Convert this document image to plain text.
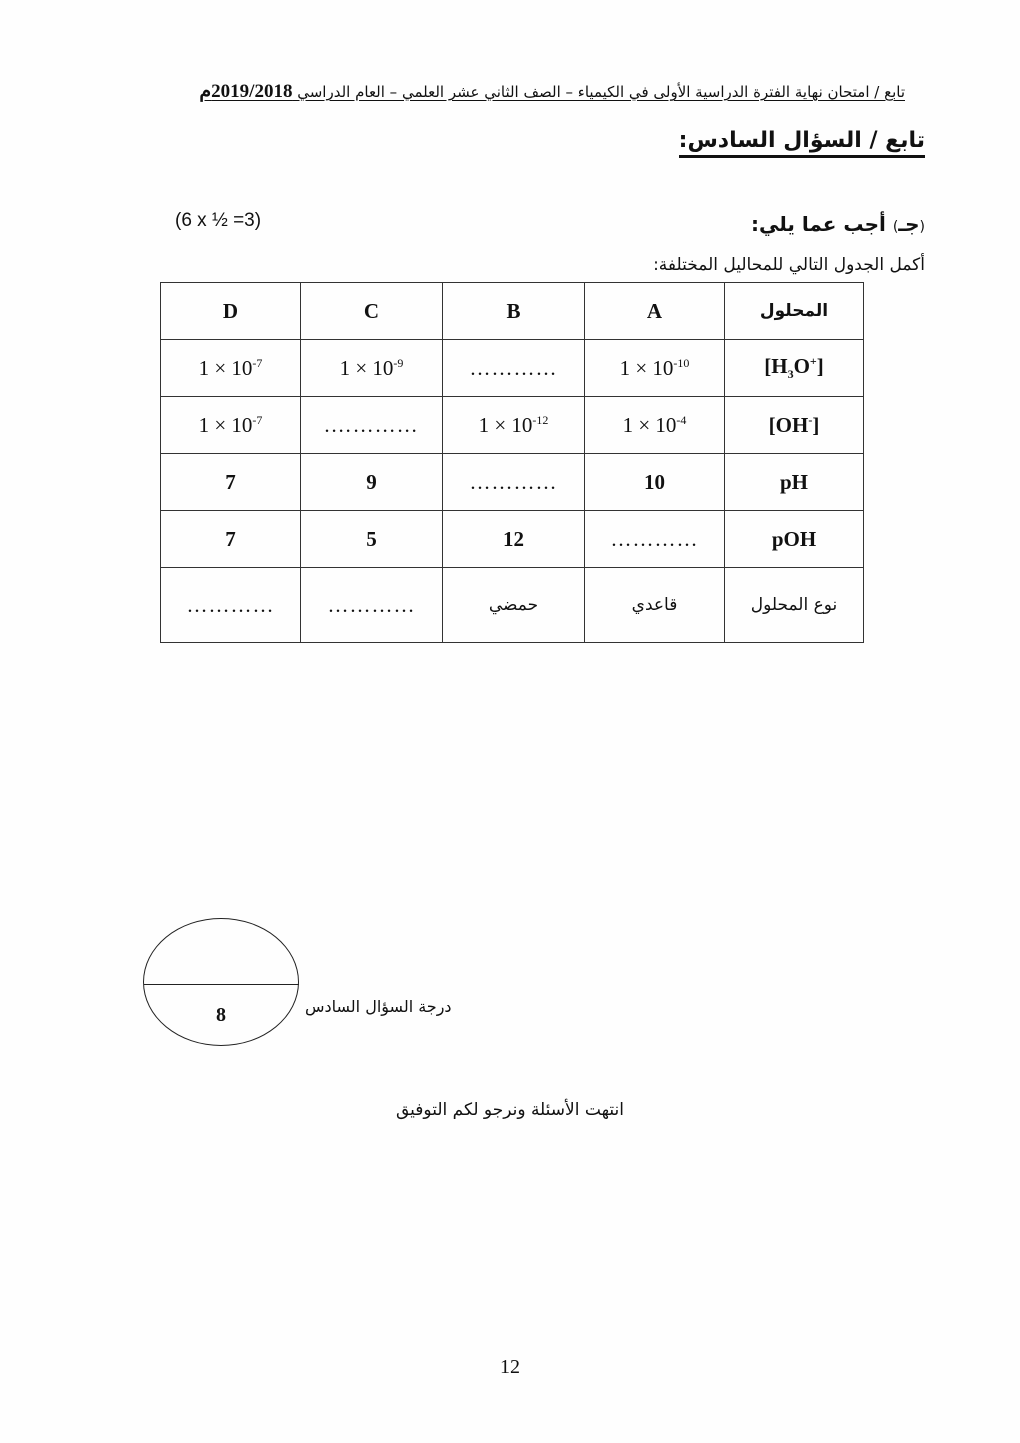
تابع / امتحان نهاية الفترة الدراسية الأولى في الكيمياء – الصف الثاني عشر العلمي – العام الدراسي 2019/2018م
تابع / السؤال السادس:
(جـ) أجب عما يلي:
(6 x ½ =3)
أكمل الجدول التالي للمحاليل المختلفة:
المحلول	A	B	C	D
$[H_3O^+]$	$1 \times 10^{-10}$	…………	$1 \times 10^{-9}$	$1 \times 10^{-7}$
[OH-]	$1 \times 10^{-4}$	$1 \times 10^{-12}$	………….	$1 \times 10^{-7}$
pH	10	…………	9	7
pOH	…………	12	5	7
نوع المحلول	قاعدي	حمضي	…………	…………
8	درجة السؤال السادس
انتهت الأسئلة ونرجو لكم التوفيق
12
